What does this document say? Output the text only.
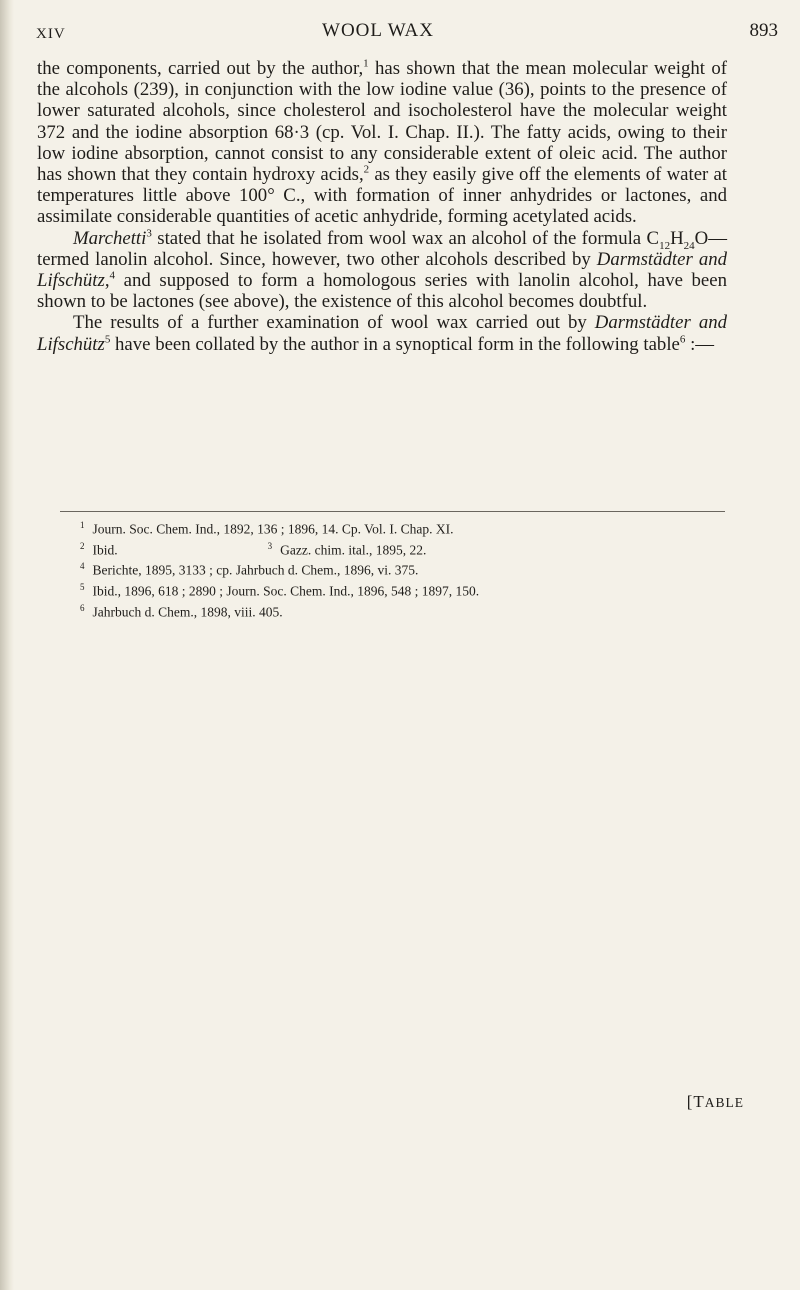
XIV	WOOL WAX	893

the components, carried out by the author,$^1$ has shown that the mean molecular weight of the alcohols (239), in conjunction with the low iodine value (36), points to the presence of lower saturated alcohols, since cholesterol and isocholesterol have the molecular weight 372 and the iodine absorption 68·3 (cp. Vol. I. Chap. II.). The fatty acids, owing to their low iodine absorption, cannot consist to any considerable extent of oleic acid. The author has shown that they contain hydroxy acids,$^2$ as they easily give off the elements of water at temperatures little above 100° C., with formation of inner anhydrides or lactones, and assimilate considerable quantities of acetic anhydride, forming acetylated acids.

Marchetti$^3$ stated that he isolated from wool wax an alcohol of the formula $C_{12}H_{24}O—termed$ lanolin alcohol. Since, however, two other alcohols described by Darmstädter and Lifschütz,$^4$ and supposed to form a homologous series with lanolin alcohol, have been shown to be lactones (see above), the existence of this alcohol becomes doubtful.

The results of a further examination of wool wax carried out by Darmstädter and Lifschütz$^5$ have been collated by the author in a synoptical form in the following table$^6$ :—

$^1$ Journ. Soc. Chem. Ind., 1892, 136 ; 1896, 14. Cp. Vol. I. Chap. XI.
$^2$ Ibid.	$^3$ Gazz. chim. ital., 1895, 22.
$^4$ Berichte, 1895, 3133 ; cp. Jahrbuch d. Chem., 1896, vi. 375.
$^5$ Ibid., 1896, 618 ; 2890 ; Journ. Soc. Chem. Ind., 1896, 548 ; 1897, 150.
$^6$ Jahrbuch d. Chem., 1898, viii. 405.
[TABLE
